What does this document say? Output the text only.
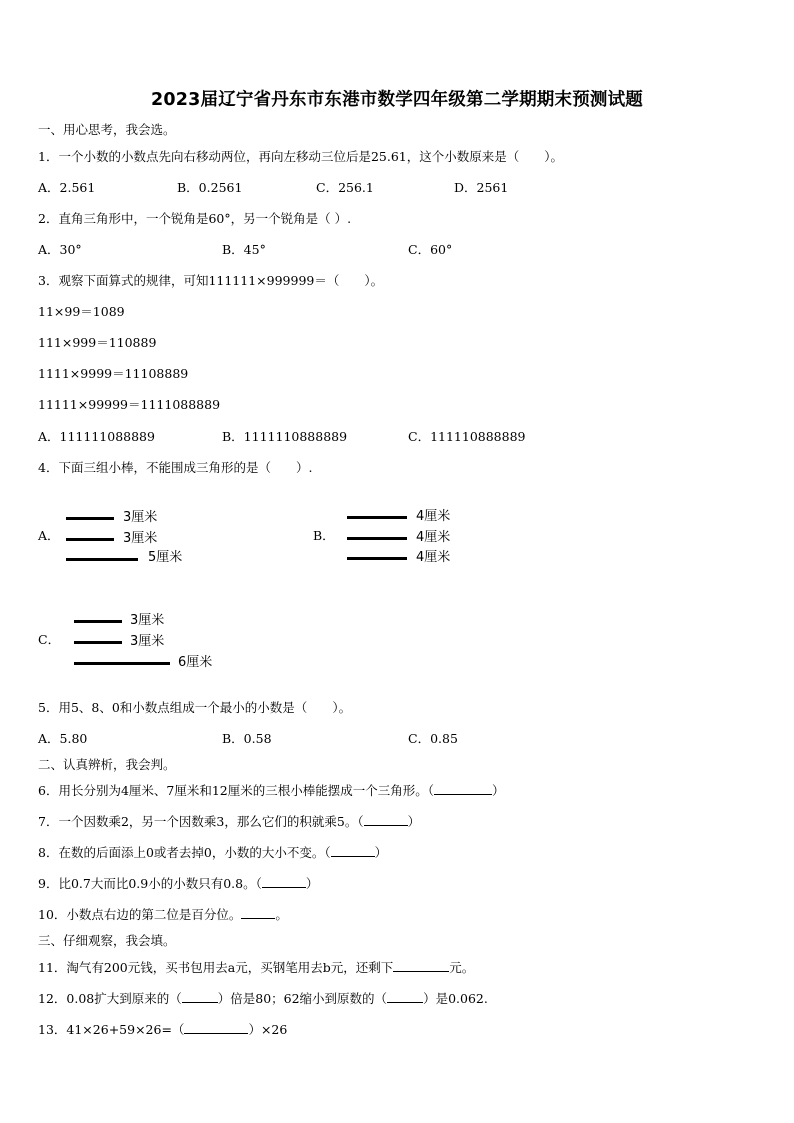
2023届辽宁省丹东市东港市数学四年级第二学期期末预测试题
一、用心思考，我会选。
1．一个小数的小数点先向右移动两位，再向左移动三位后是25.61，这个小数原来是（　　）。
A．2.561	B．0.2561	C．256.1	D．2561
2．直角三角形中，一个锐角是60°，另一个锐角是（ ）.
A．30°	B．45°	C．60°
3．观察下面算式的规律，可知111111×999999＝（　　）。
11×99＝1089
111×999＝110889
1111×9999＝11108889
11111×99999＝1111088889
A．111111088889	B．1111110888889	C．111110888889
4．下面三组小棒，不能围成三角形的是（　　）.
A．
3厘米
3厘米
5厘米
B．
4厘米
4厘米
4厘米
C．
3厘米
3厘米
6厘米
5．用5、8、0和小数点组成一个最小的小数是（　　）。
A．5.80	B．0.58	C．0.85
二、认真辨析，我会判。
6．用长分别为4厘米、7厘米和12厘米的三根小棒能摆成一个三角形。（	）
7．一个因数乘2，另一个因数乘3，那么它们的积就乘5。（	）
8．在数的后面添上0或者去掉0，小数的大小不变。（	）
9．比0.7大而比0.9小的小数只有0.8。（	）
10．小数点右边的第二位是百分位。	。
三、仔细观察，我会填。
11．淘气有200元钱，买书包用去a元，买钢笔用去b元，还剩下	元。
12．0.08扩大到原来的（	）倍是80；62缩小到原数的（	）是0.062.
13．41×26+59×26=（	）×26
